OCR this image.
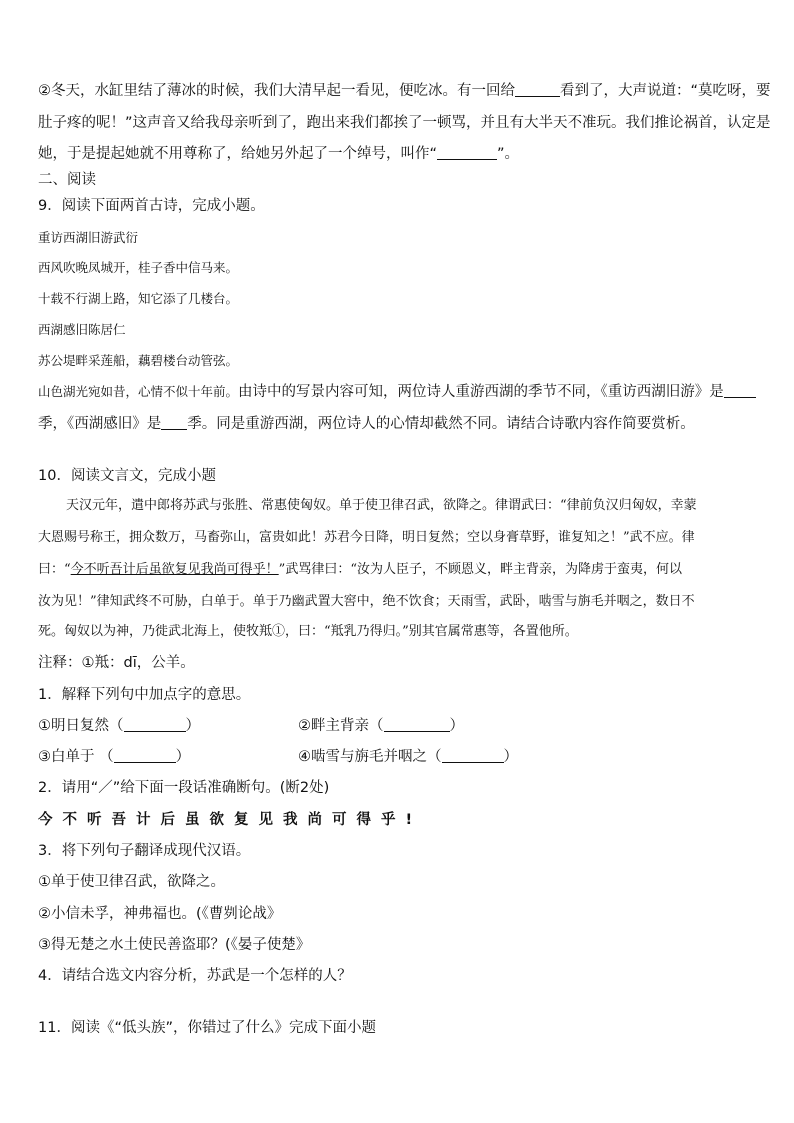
②冬天，水缸里结了薄冰的时候，我们大清早起一看见，便吃冰。有一回给	看到了，大声说道：“莫吃呀，要
肚子疼的呢！”这声音又给我母亲听到了，跑出来我们都挨了一顿骂，并且有大半天不准玩。我们推论祸首，认定是
她，于是提起她就不用尊称了，给她另外起了一个绰号，叫作“	”。
二、阅读
9．阅读下面两首古诗，完成小题。
重访西湖旧游武衍
西风吹晚凤城开，桂子香中信马来。
十载不行湖上路，知它添了几楼台。
西湖感旧陈居仁
苏公堤畔采莲船，藕碧楼台动管弦。
山色湖光宛如昔，心情不似十年前。由诗中的写景内容可知，两位诗人重游西湖的季节不同，《重访西湖旧游》是
季，《西湖感旧》是 季。同是重游西湖，两位诗人的心情却截然不同。请结合诗歌内容作简要赏析。
10．阅读文言文，完成小题
天汉元年，遣中郎将苏武与张胜、常惠使匈奴。单于使卫律召武，欲降之。律谓武曰：“律前负汉归匈奴，幸蒙
大恩赐号称王，拥众数万，马畜弥山，富贵如此！苏君今日降，明日复然；空以身膏草野，谁复知之！”武不应。律
曰：“今不听吾计后虽欲复见我尚可得乎！”武骂律曰：“汝为人臣子，不顾恩义，畔主背亲，为降虏于蛮夷，何以
汝为见！”律知武终不可胁，白单于。单于乃幽武置大窖中，绝不饮食；天雨雪，武卧，啮雪与旃毛并咽之，数日不
死。匈奴以为神，乃徙武北海上，使牧羝①，曰：“羝乳乃得归。”别其官属常惠等，各置他所。
注释：①羝：dī，公羊。
1．解释下列句中加点字的意思。
①明日复然（	）	②畔主背亲（	）
③白单于 （	）	④啮雪与旃毛并咽之（	）
2．请用“／”给下面一段话准确断句。(断2处)
今不听吾计后虽欲复见我尚可得乎!
3．将下列句子翻译成现代汉语。
①单于使卫律召武，欲降之。
②小信未孚，神弗福也。(《曹刿论战》
③得无楚之水土使民善盗耶？(《晏子使楚》
4．请结合选文内容分析，苏武是一个怎样的人？
11．阅读《“低头族”，你错过了什么》完成下面小题
